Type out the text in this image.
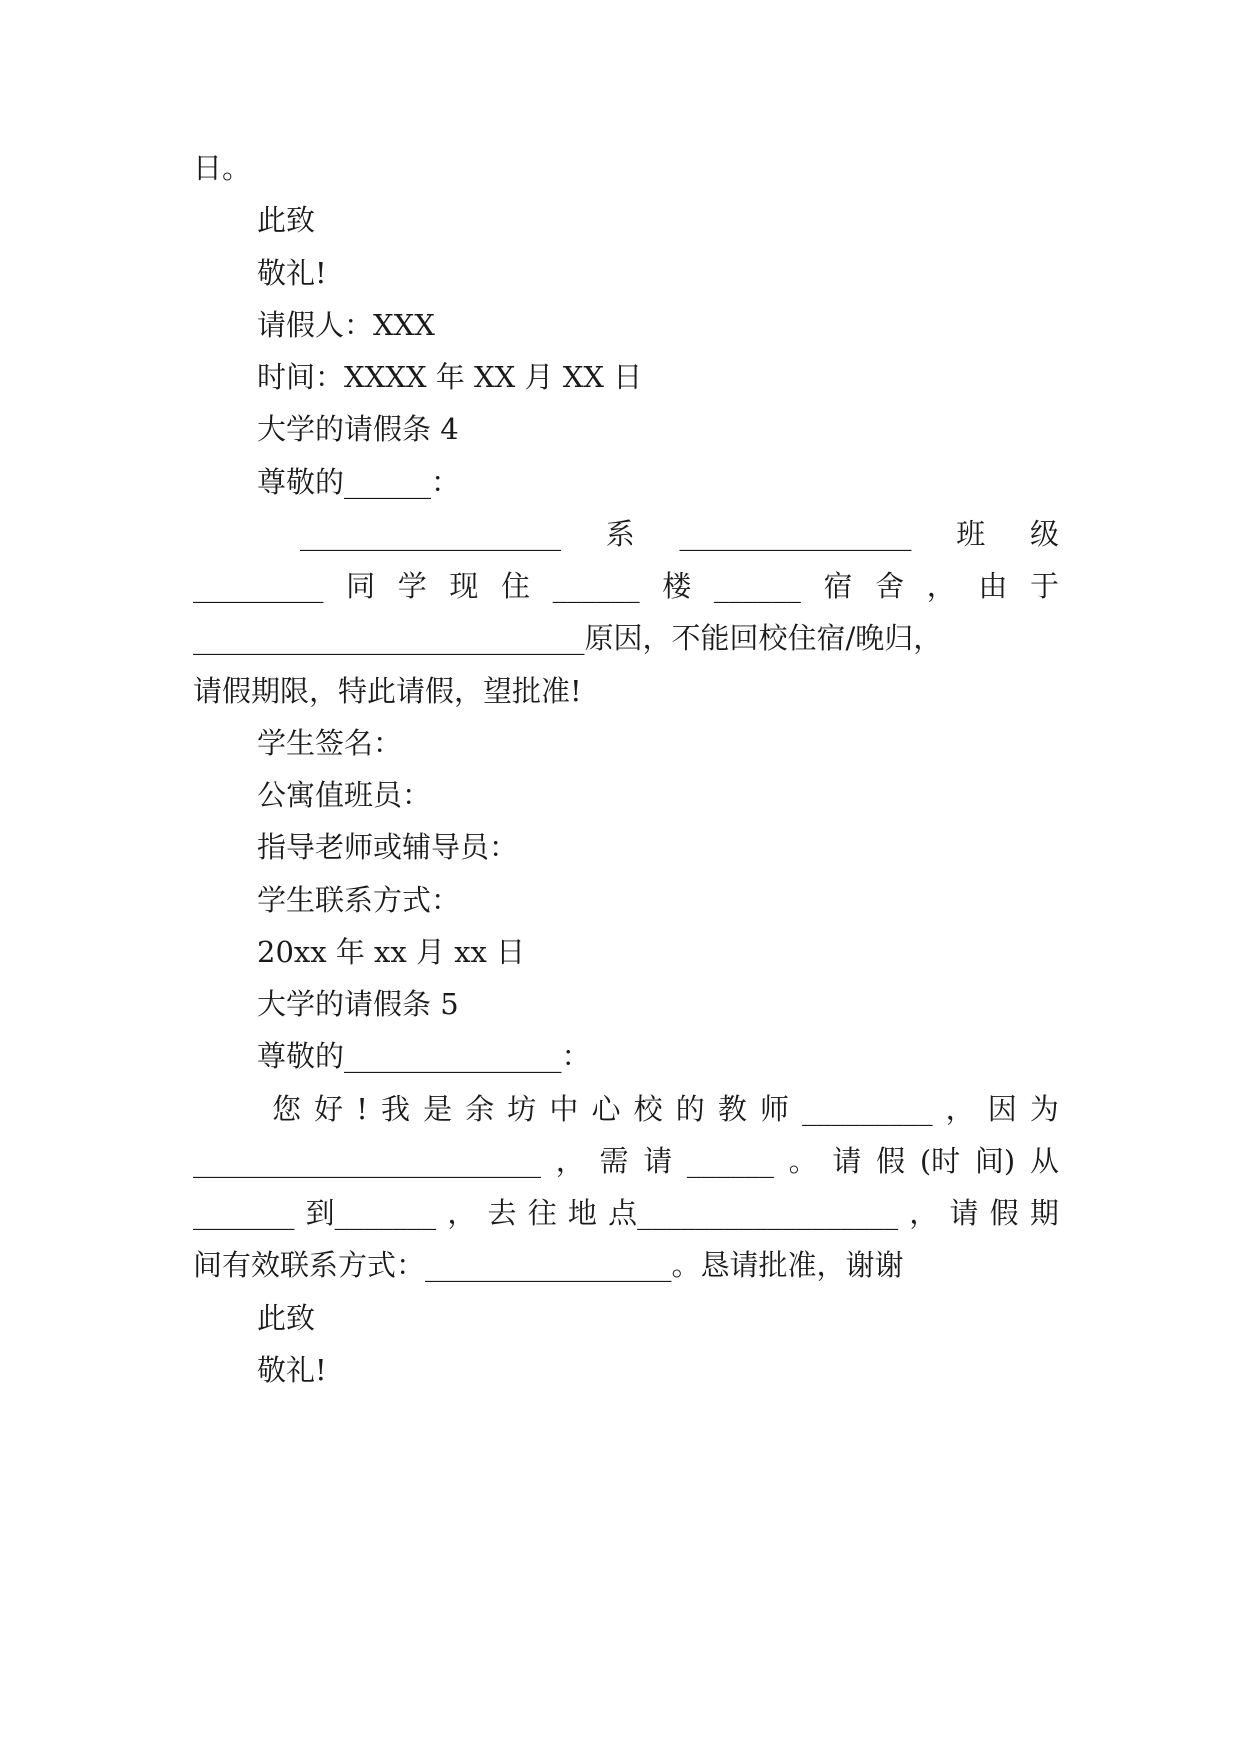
日。
此致
敬礼!
请假人：XXX
时间：XXXX 年 XX 月 XX 日
大学的请假条 4
尊敬的______：
__________________ 系 ________________ 班 级
_________ 同 学 现 住 ______ 楼 ______ 宿 舍 ， 由 于
___________________________原因，不能回校住宿/晚归，
请假期限，特此请假，望批准!
学生签名：
公寓值班员：
指导老师或辅导员：
学生联系方式：
20xx 年 xx 月 xx 日
大学的请假条 5
尊敬的_______________：
您 好 ! 我 是 余 坊 中 心 校 的 教 师 _________ ， 因 为
________________________ ， 需 请 ______ 。 请 假 (时 间) 从
_______ 到_______ ， 去 往 地 点__________________ ， 请 假 期
间有效联系方式：_________________。恳请批准，谢谢
此致
敬礼!
